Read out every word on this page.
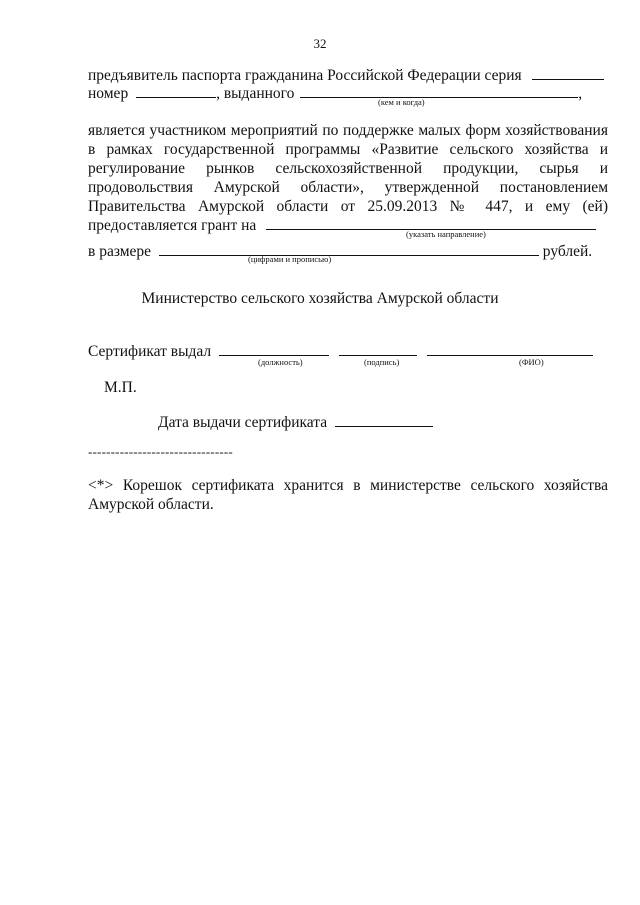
32
предъявитель паспорта гражданина Российской Федерации серия
номер	, выданного	,
(кем и когда)
является участником мероприятий по поддержке малых форм хозяйствования
в рамках государственной программы «Развитие сельского хозяйства и
регулирование рынков сельскохозяйственной продукции, сырья и
продовольствия Амурской области», утвержденной постановлением
Правительства Амурской области от 25.09.2013 № 447, и ему (ей)
предоставляется грант на	(указать направление)
в размере	рублей.
(цифрами и прописью)
Министерство сельского хозяйства Амурской области
Сертификат выдал
(должность)	(подпись)	(ФИО)
М.П.
Дата выдачи сертификата
--------------------------------
<*> Корешок сертификата хранится в министерстве сельского хозяйства Амурской области.
